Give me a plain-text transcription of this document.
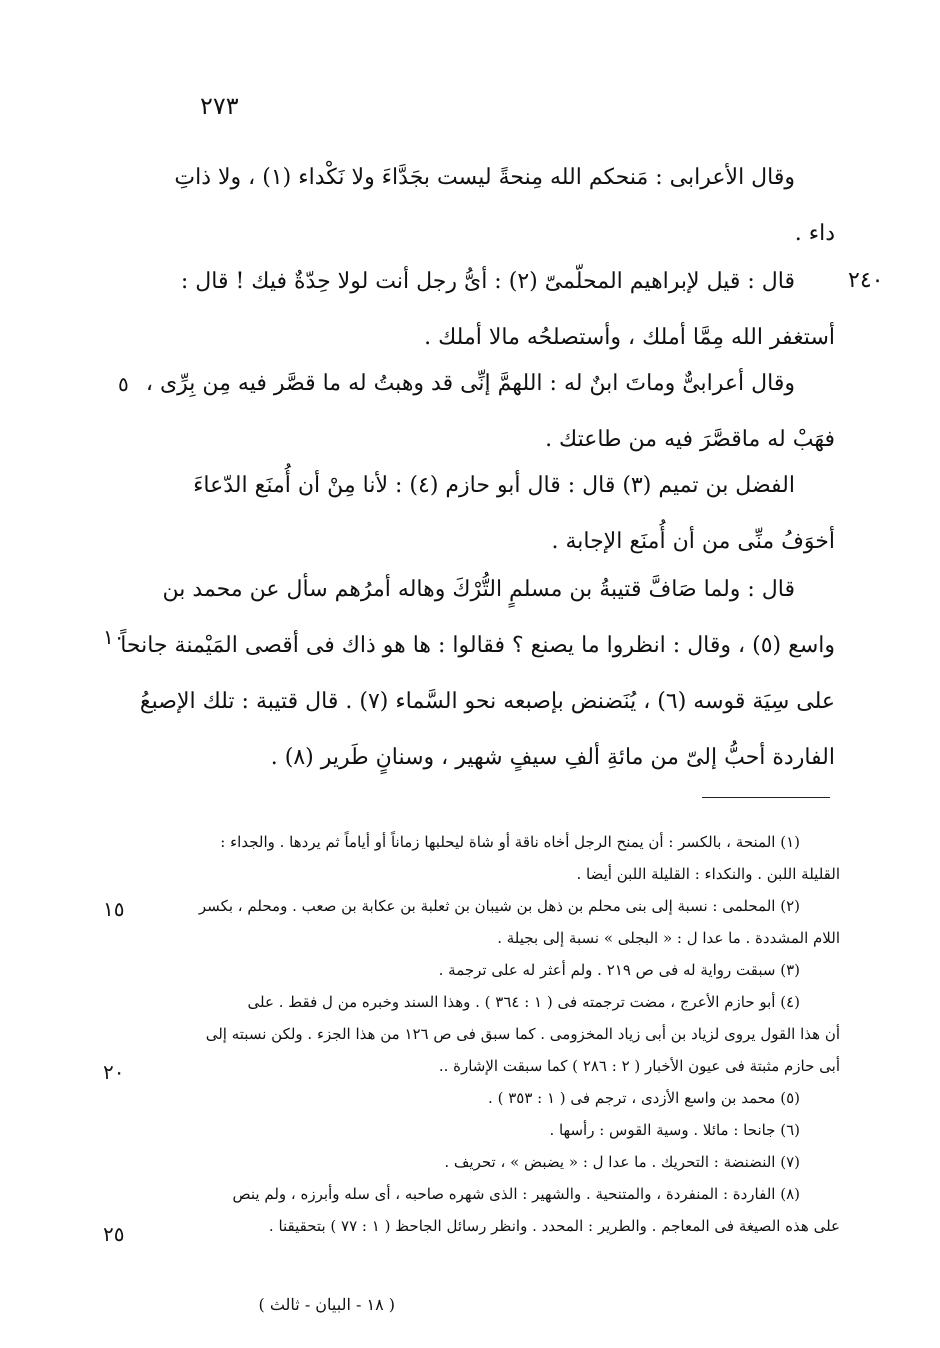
٢٧٣
٢٤٠
٥
١٠
١٥
٢٠
٢٥
وقال الأعرابى : مَنحكم الله مِنحةً ليست بجَدَّاءَ ولا نَكْداء (١) ، ولا ذاتِ
داء .
قال : قيل لإبراهيم المحلّمىّ (٢) : أىُّ رجل أنت لولا حِدّةٌ فيك ! قال :
أستغفر الله مِمَّا أملك ، وأستصلحُه مالا أملك .
وقال أعرابىٌّ وماتَ ابنٌ له : اللهمَّ إنِّى قد وهبتُ له ما قصَّر فيه مِن بِرِّى ،
فهَبْ له ماقصَّرَ فيه من طاعتك .
الفضل بن تميم (٣) قال : قال أبو حازم (٤) : لأنا مِنْ أن أُمنَع الدّعاءَ
أخوَفُ منِّى من أن أُمنَع الإجابة .
قال : ولما صَافَّ قتيبةُ بن مسلمٍ التُّرْكَ وهاله أمرُهم سأل عن محمد بن
واسع (٥) ، وقال : انظروا ما يصنع ؟ فقالوا : ها هو ذاك فى أقصى المَيْمنة جانحاً
على سِيَة قوسه (٦) ، يُنَضنض بإصبعه نحو السَّماء (٧) . قال قتيبة : تلك الإصبعُ
الفاردة أحبُّ إلىّ من مائةِ ألفِ سيفٍ شهير ، وسنانٍ طَرير (٨) .
(١) المنحة ، بالكسر : أن يمنح الرجل أخاه ناقة أو شاة ليحلبها زماناً أو أياماً ثم يردها . والجداء :
القليلة اللبن . والنكداء : القليلة اللبن أيضا .
(٢) المحلمى : نسبة إلى بنى محلم بن ذهل بن شيبان بن ثعلبة بن عكابة بن صعب . ومحلم ، بكسر
اللام المشددة . ما عدا ل : « البجلى » نسبة إلى بجيلة .
(٣) سبقت رواية له فى ص ٢١٩ . ولم أعثر له على ترجمة .
(٤) أبو حازم الأعرج ، مضت ترجمته فى ( ١ : ٣٦٤ ) . وهذا السند وخبره من ل فقط . على
أن هذا القول يروى لزياد بن أبى زياد المخزومى . كما سبق فى ص ١٢٦ من هذا الجزء . ولكن نسبته إلى
أبى حازم مثبتة فى عيون الأخبار ( ٢ : ٢٨٦ ) كما سبقت الإشارة ..
(٥) محمد بن واسع الأزدى ، ترجم فى ( ١ : ٣٥٣ ) .
(٦) جانحا : مائلا . وسية القوس : رأسها .
(٧) النضنضة : التحريك . ما عدا ل : « يضبض » ، تحريف .
(٨) الفاردة : المنفردة ، والمتنحية . والشهير : الذى شهره صاحبه ، أى سله وأبرزه ، ولم ينص
على هذه الصيغة فى المعاجم . والطرير : المحدد . وانظر رسائل الجاحظ ( ١ : ٧٧ ) بتحقيقنا .
( ١٨ - البيان - ثالث )
